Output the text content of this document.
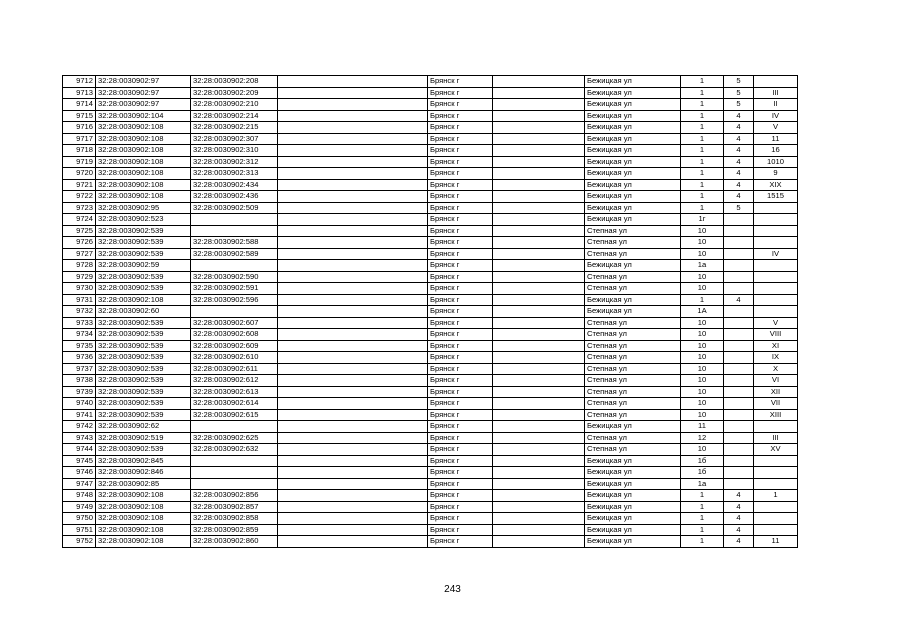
9712	32:28:0030902:97	32:28:0030902:208		Брянск г		Бежицкая ул	1	5	
9713	32:28:0030902:97	32:28:0030902:209		Брянск г		Бежицкая ул	1	5	III
9714	32:28:0030902:97	32:28:0030902:210		Брянск г		Бежицкая ул	1	5	II
9715	32:28:0030902:104	32:28:0030902:214		Брянск г		Бежицкая ул	1	4	IV
9716	32:28:0030902:108	32:28:0030902:215		Брянск г		Бежицкая ул	1	4	V
9717	32:28:0030902:108	32:28:0030902:307		Брянск г		Бежицкая ул	1	4	11
9718	32:28:0030902:108	32:28:0030902:310		Брянск г		Бежицкая ул	1	4	16
9719	32:28:0030902:108	32:28:0030902:312		Брянск г		Бежицкая ул	1	4	1010
9720	32:28:0030902:108	32:28:0030902:313		Брянск г		Бежицкая ул	1	4	9
9721	32:28:0030902:108	32:28:0030902:434		Брянск г		Бежицкая ул	1	4	XIX
9722	32:28:0030902:108	32:28:0030902:436		Брянск г		Бежицкая ул	1	4	1515
9723	32:28:0030902:95	32:28:0030902:509		Брянск г		Бежицкая ул	1	5	
9724	32:28:0030902:523			Брянск г		Бежицкая ул	1г		
9725	32:28:0030902:539			Брянск г		Степная ул	10		
9726	32:28:0030902:539	32:28:0030902:588		Брянск г		Степная ул	10		
9727	32:28:0030902:539	32:28:0030902:589		Брянск г		Степная ул	10		IV
9728	32:28:0030902:59			Брянск г		Бежицкая ул	1а		
9729	32:28:0030902:539	32:28:0030902:590		Брянск г		Степная ул	10		
9730	32:28:0030902:539	32:28:0030902:591		Брянск г		Степная ул	10		
9731	32:28:0030902:108	32:28:0030902:596		Брянск г		Бежицкая ул	1	4	
9732	32:28:0030902:60			Брянск г		Бежицкая ул	1А		
9733	32:28:0030902:539	32:28:0030902:607		Брянск г		Степная ул	10		V
9734	32:28:0030902:539	32:28:0030902:608		Брянск г		Степная ул	10		VIII
9735	32:28:0030902:539	32:28:0030902:609		Брянск г		Степная ул	10		XI
9736	32:28:0030902:539	32:28:0030902:610		Брянск г		Степная ул	10		IX
9737	32:28:0030902:539	32:28:0030902:611		Брянск г		Степная ул	10		X
9738	32:28:0030902:539	32:28:0030902:612		Брянск г		Степная ул	10		VI
9739	32:28:0030902:539	32:28:0030902:613		Брянск г		Степная ул	10		XII
9740	32:28:0030902:539	32:28:0030902:614		Брянск г		Степная ул	10		VII
9741	32:28:0030902:539	32:28:0030902:615		Брянск г		Степная ул	10		XIII
9742	32:28:0030902:62			Брянск г		Бежицкая ул	11		
9743	32:28:0030902:519	32:28:0030902:625		Брянск г		Степная ул	12		III
9744	32:28:0030902:539	32:28:0030902:632		Брянск г		Степная ул	10		XV
9745	32:28:0030902:845			Брянск г		Бежицкая ул	1б		
9746	32:28:0030902:846			Брянск г		Бежицкая ул	1б		
9747	32:28:0030902:85			Брянск г		Бежицкая ул	1а		
9748	32:28:0030902:108	32:28:0030902:856		Брянск г		Бежицкая ул	1	4	1
9749	32:28:0030902:108	32:28:0030902:857		Брянск г		Бежицкая ул	1	4	
9750	32:28:0030902:108	32:28:0030902:858		Брянск г		Бежицкая ул	1	4	
9751	32:28:0030902:108	32:28:0030902:859		Брянск г		Бежицкая ул	1	4	
9752	32:28:0030902:108	32:28:0030902:860		Брянск г		Бежицкая ул	1	4	11
243
